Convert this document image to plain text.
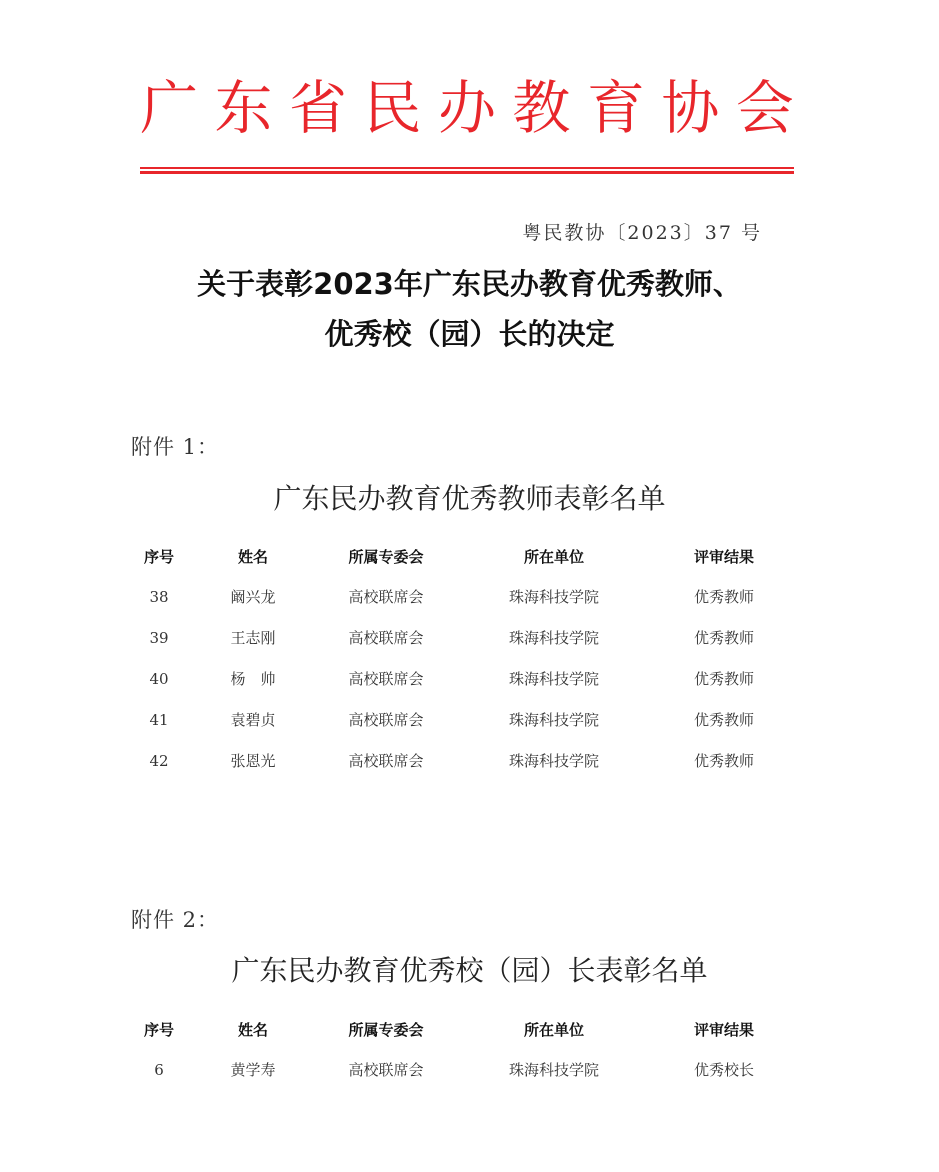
广 东 省 民 办 教 育 协 会
粤民教协〔2023〕37 号
关于表彰2023年广东民办教育优秀教师、
优秀校（园）长的决定
附件 1：
广东民办教育优秀教师表彰名单
序号	姓名	所属专委会	所在单位	评审结果
38	阚兴龙	高校联席会	珠海科技学院	优秀教师
39	王志刚	高校联席会	珠海科技学院	优秀教师
40	杨　帅	高校联席会	珠海科技学院	优秀教师
41	袁碧贞	高校联席会	珠海科技学院	优秀教师
42	张恩光	高校联席会	珠海科技学院	优秀教师
附件 2：
广东民办教育优秀校（园）长表彰名单
序号	姓名	所属专委会	所在单位	评审结果
6	黄学寿	高校联席会	珠海科技学院	优秀校长
